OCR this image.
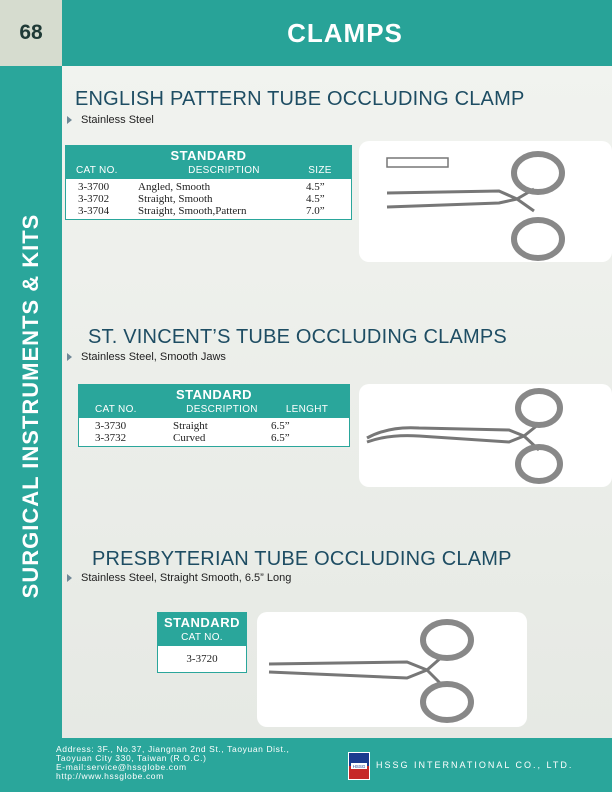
68	CLAMPS
SURGICAL INSTRUMENTS & KITS
ENGLISH PATTERN TUBE OCCLUDING CLAMP
Stainless Steel
STANDARD
CAT NO.	DESCRIPTION	SIZE
3-3700	Angled, Smooth	4.5”
3-3702	Straight, Smooth	4.5”
3-3704	Straight, Smooth,Pattern	7.0”
ST. VINCENT’S TUBE OCCLUDING CLAMPS
Stainless Steel, Smooth Jaws
STANDARD
CAT NO.	DESCRIPTION	LENGHT
3-3730	Straight	6.5”
3-3732	Curved	6.5”
PRESBYTERIAN TUBE OCCLUDING CLAMP
Stainless Steel, Straight Smooth, 6.5” Long
STANDARD
CAT NO.
3-3720
Address: 3F., No.37, Jiangnan 2nd St., Taoyuan Dist.,
Taoyuan City 330, Taiwan (R.O.C.)
E-mail:service@hssglobe.com
http://www.hssglobe.com
HSSG HSSG INTERNATIONAL CO., LTD.
